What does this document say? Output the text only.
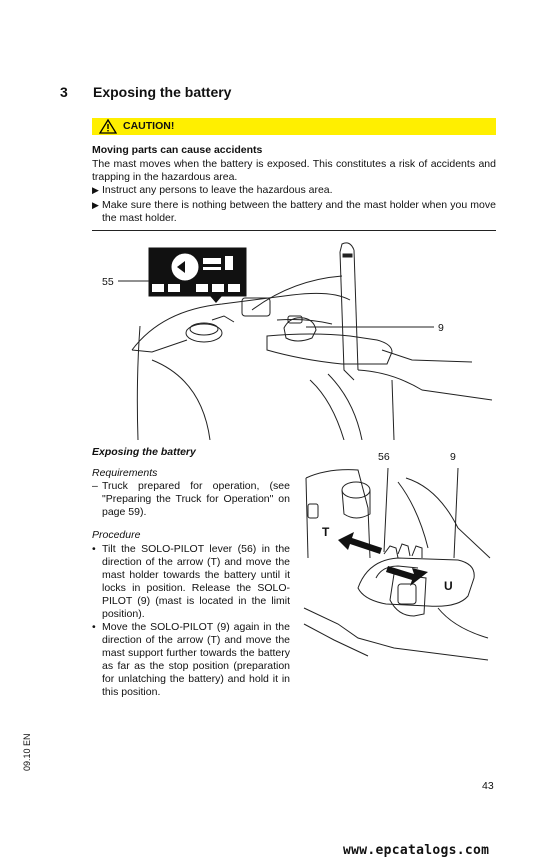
3 Exposing the battery
CAUTION!
Moving parts can cause accidents
The mast moves when the battery is exposed. This constitutes a risk of accidents and trapping in the hazardous area.
▶ Instruct any persons to leave the hazardous area.
▶ Make sure there is nothing between the battery and the mast holder when you move the mast holder.
55
9
Exposing the battery
Requirements
– Truck prepared for operation, (see "Preparing the Truck for Operation" on page 59).
Procedure
• Tilt the SOLO-PILOT lever (56) in the direction of the arrow (T) and move the mast holder towards the battery until it locks in position. Release the SOLO-PILOT (9) (mast is located in the limit position).
• Move the SOLO-PILOT (9) again in the direction of the arrow (T) and move the mast support further towards the battery as far as the stop position (preparation for unlatching the battery) and hold it in this position.
56	9
T
U
09.10 EN
43
www.epcatalogs.com
